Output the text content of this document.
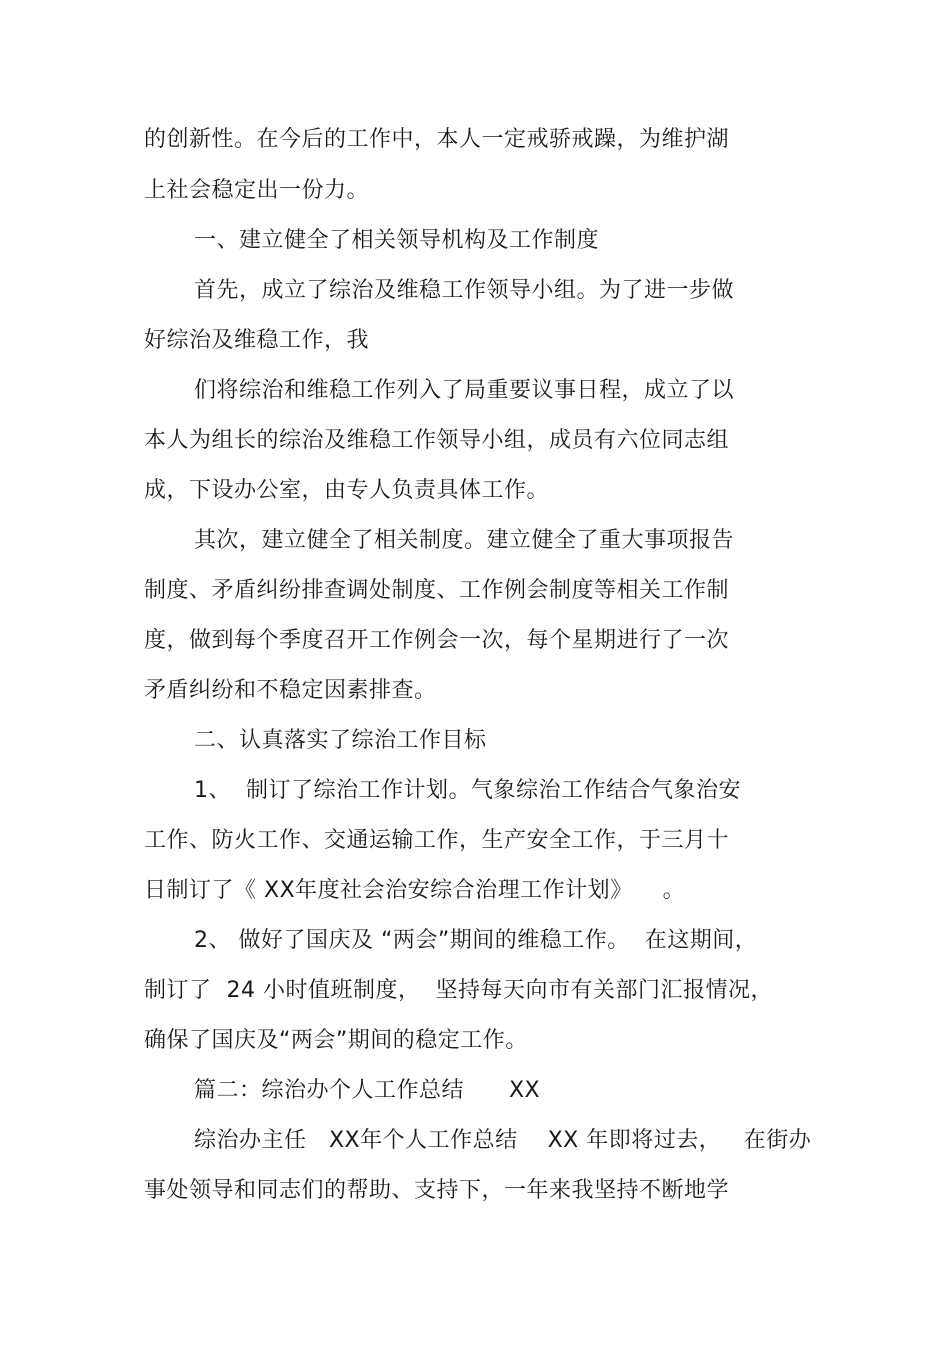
的创新性。在今后的工作中，本人一定戒骄戒躁，为维护湖
上社会稳定出一份力。
一、建立健全了相关领导机构及工作制度
首先，成立了综治及维稳工作领导小组。为了进一步做
好综治及维稳工作，我
们将综治和维稳工作列入了局重要议事日程，成立了以
本人为组长的综治及维稳工作领导小组，成员有六位同志组
成，下设办公室，由专人负责具体工作。
其次，建立健全了相关制度。建立健全了重大事项报告
制度、矛盾纠纷排查调处制度、工作例会制度等相关工作制
度，做到每个季度召开工作例会一次，每个星期进行了一次
矛盾纠纷和不稳定因素排查。
二、认真落实了综治工作目标
1、  制订了综治工作计划。气象综治工作结合气象治安
工作、防火工作、交通运输工作，生产安全工作，于三月十
日制订了《 XX年度社会治安综合治理工作计划》    。
2、 做好了国庆及 “两会”期间的维稳工作。  在这期间，
制订了  24 小时值班制度，  坚持每天向市有关部门汇报情况，
确保了国庆及“两会”期间的稳定工作。
篇二：综治办个人工作总结      XX
综治办主任   XX年个人工作总结    XX 年即将过去，   在街办
事处领导和同志们的帮助、支持下，一年来我坚持不断地学
